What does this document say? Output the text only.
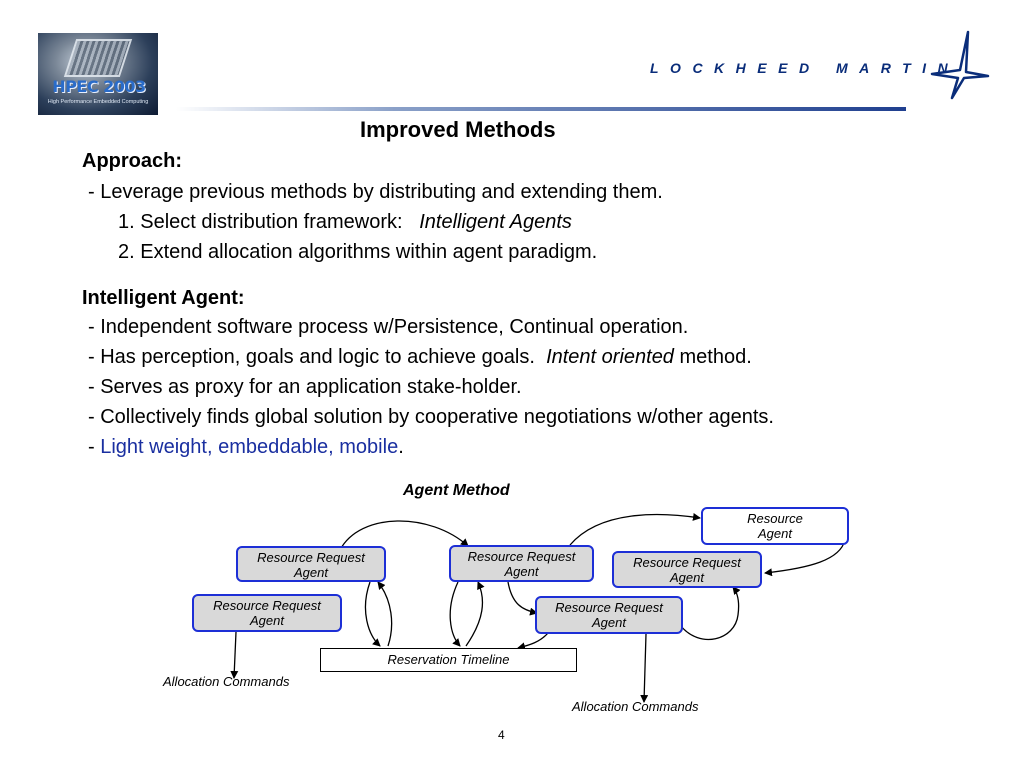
HPEC 2003
High Performance Embedded Computing
LOCKHEED MARTIN
Improved Methods
Approach:
- Leverage previous methods by distributing and extending them.
1. Select distribution framework: Intelligent Agents
2. Extend allocation algorithms within agent paradigm.
Intelligent Agent:
- Independent software process w/Persistence, Continual operation.
- Has perception, goals and logic to achieve goals. Intent oriented method.
- Serves as proxy for an application stake-holder.
- Collectively finds global solution by cooperative negotiations w/other agents.
- Light weight, embeddable, mobile.
Agent Method
Resource Request
Agent
Resource Request
Agent
Resource Request
Agent
Resource Request
Agent
Resource Request
Agent
Resource
Agent
Reservation Timeline
Allocation Commands
Allocation Commands
4
